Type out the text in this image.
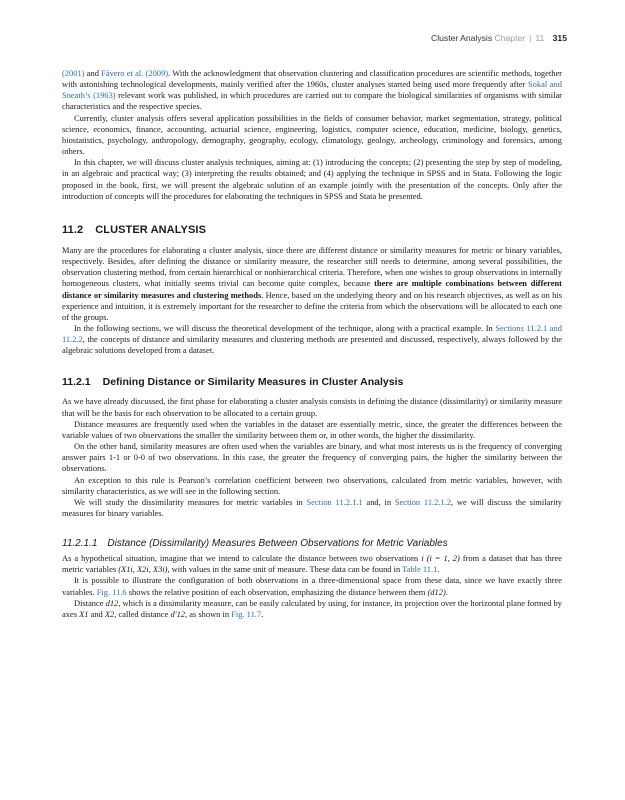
Cluster Analysis Chapter | 11 315

(2001) and Fávero et al. (2009). With the acknowledgment that observation clustering and classification procedures are scientific methods, together with astonishing technological developments, mainly verified after the 1960s, cluster analyses started being used more frequently after Sokal and Sneath’s (1963) relevant work was published, in which procedures are carried out to compare the biological similarities of organisms with similar characteristics and the respective species.

Currently, cluster analysis offers several application possibilities in the fields of consumer behavior, market segmentation, strategy, political science, economics, finance, accounting, actuarial science, engineering, logistics, computer science, education, medicine, biology, genetics, biostatistics, psychology, anthropology, demography, geography, ecology, climatology, geology, archeology, criminology and forensics, among others.

In this chapter, we will discuss cluster analysis techniques, aiming at: (1) introducing the concepts; (2) presenting the step by step of modeling, in an algebraic and practical way; (3) interpreting the results obtained; and (4) applying the technique in SPSS and in Stata. Following the logic proposed in the book, first, we will present the algebraic solution of an example jointly with the presentation of the concepts. Only after the introduction of concepts will the procedures for elaborating the techniques in SPSS and Stata be presented.

11.2 CLUSTER ANALYSIS

Many are the procedures for elaborating a cluster analysis, since there are different distance or similarity measures for metric or binary variables, respectively. Besides, after defining the distance or similarity measure, the researcher still needs to determine, among several possibilities, the observation clustering method, from certain hierarchical or nonhierarchical criteria. Therefore, when one wishes to group observations in internally homogeneous clusters, what initially seems trivial can become quite complex, because there are multiple combinations between different distance or similarity measures and clustering methods. Hence, based on the underlying theory and on his research objectives, as well as on his experience and intuition, it is extremely important for the researcher to define the criteria from which the observations will be allocated to each one of the groups.

In the following sections, we will discuss the theoretical development of the technique, along with a practical example. In Sections 11.2.1 and 11.2.2, the concepts of distance and similarity measures and clustering methods are presented and discussed, respectively, always followed by the algebraic solutions developed from a dataset.

11.2.1 Defining Distance or Similarity Measures in Cluster Analysis

As we have already discussed, the first phase for elaborating a cluster analysis consists in defining the distance (dissimilarity) or similarity measure that will be the basis for each observation to be allocated to a certain group.

Distance measures are frequently used when the variables in the dataset are essentially metric, since, the greater the differences between the variable values of two observations the smaller the similarity between them or, in other words, the higher the dissimilarity.

On the other hand, similarity measures are often used when the variables are binary, and what most interests us is the frequency of converging answer pairs 1-1 or 0-0 of two observations. In this case, the greater the frequency of converging pairs, the higher the similarity between the observations.

An exception to this rule is Pearson’s correlation coefficient between two observations, calculated from metric variables, however, with similarity characteristics, as we will see in the following section.

We will study the dissimilarity measures for metric variables in Section 11.2.1.1 and, in Section 11.2.1.2, we will discuss the similarity measures for binary variables.

11.2.1.1 Distance (Dissimilarity) Measures Between Observations for Metric Variables

As a hypothetical situation, imagine that we intend to calculate the distance between two observations i (i = 1, 2) from a dataset that has three metric variables (X1i, X2i, X3i), with values in the same unit of measure. These data can be found in Table 11.1.

It is possible to illustrate the configuration of both observations in a three-dimensional space from these data, since we have exactly three variables. Fig. 11.6 shows the relative position of each observation, emphasizing the distance between them (d12).

Distance d12, which is a dissimilarity measure, can be easily calculated by using, for instance, its projection over the horizontal plane formed by axes X1 and X2, called distance d′12, as shown in Fig. 11.7.
